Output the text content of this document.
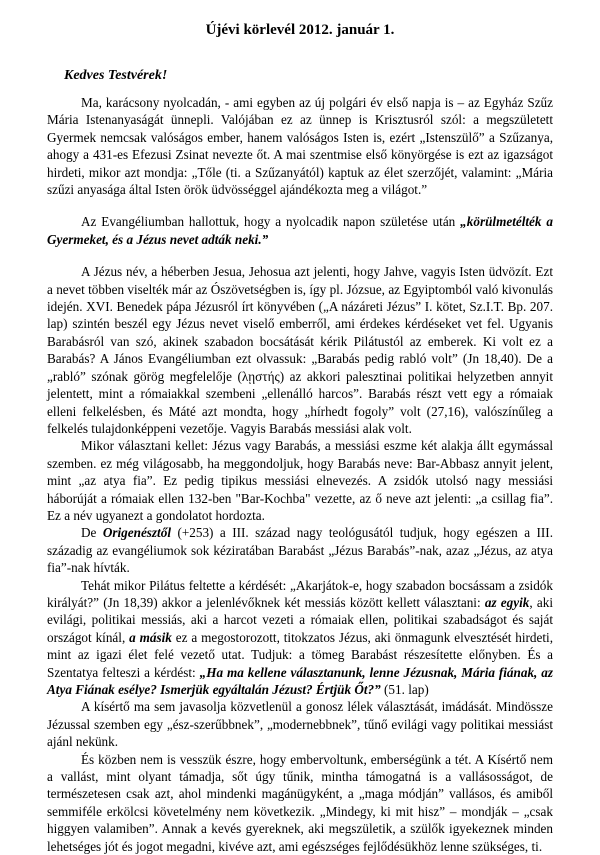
Újévi körlevél 2012. január 1.
Kedves Testvérek!

Ma, karácsony nyolcadán, - ami egyben az új polgári év első napja is – az Egyház Szűz Mária Istenanyaságát ünnepli. Valójában ez az ünnep is Krisztusról szól: a megszületett Gyermek nemcsak valóságos ember, hanem valóságos Isten is, ezért „Istenszülő” a Szűzanya, ahogy a 431-es Efezusi Zsinat nevezte őt. A mai szentmise első könyörgése is ezt az igazságot hirdeti, mikor azt mondja: „Tőle (ti. a Szűzanyától) kaptuk az élet szerzőjét, valamint: „Mária szűzi anyasága által Isten örök üdvösséggel ajándékozta meg a világot.”

Az Evangéliumban hallottuk, hogy a nyolcadik napon születése után „körülmetélték a Gyermeket, és a Jézus nevet adták neki.”

A Jézus név, a héberben Jesua, Jehosua azt jelenti, hogy Jahve, vagyis Isten üdvözít. Ezt a nevet többen viselték már az Ószövetségben is, így pl. Józsue, az Egyiptomból való kivonulás idején. XVI. Benedek pápa Jézusról írt könyvében („A názáreti Jézus” I. kötet, Sz.I.T. Bp. 207. lap) szintén beszél egy Jézus nevet viselő emberről, ami érdekes kérdéseket vet fel. Ugyanis Barabásról van szó, akinek szabadon bocsátását kérik Pilátustól az emberek. Ki volt ez a Barabás? A János Evangéliumban ezt olvassuk: „Barabás pedig rabló volt” (Jn 18,40). De a „rabló” szónak görög megfelelője (λῃστής) az akkori palesztinai politikai helyzetben annyit jelentett, mint a rómaiakkal szembeni „ellenálló harcos”. Barabás részt vett egy a rómaiak elleni felkelésben, és Máté azt mondta, hogy „hírhedt fogoly” volt (27,16), valószínűleg a felkelés tulajdonképpeni vezetője. Vagyis Barabás messiási alak volt.

Mikor választani kellet: Jézus vagy Barabás, a messiási eszme két alakja állt egymással szemben. ez még világosabb, ha meggondoljuk, hogy Barabás neve: Bar-Abbasz annyit jelent, mint „az atya fia”. Ez pedig tipikus messiási elnevezés. A zsidók utolsó nagy messiási háborúját a rómaiak ellen 132-ben "Bar-Kochba" vezette, az ő neve azt jelenti: „a csillag fia”. Ez a név ugyanezt a gondolatot hordozta.

De Origenésztől (+253) a III. század nagy teológusától tudjuk, hogy egészen a III. századig az evangéliumok sok kéziratában Barabást „Jézus Barabás”-nak, azaz „Jézus, az atya fia”-nak hívták.

Tehát mikor Pilátus feltette a kérdését: „Akarjátok-e, hogy szabadon bocsássam a zsidók királyát?” (Jn 18,39) akkor a jelenlévőknek két messiás között kellett választani: az egyik, aki evilági, politikai messiás, aki a harcot vezeti a rómaiak ellen, politikai szabadságot és saját országot kínál, a másik ez a megostorozott, titokzatos Jézus, aki önmagunk elvesztését hirdeti, mint az igazi élet felé vezető utat. Tudjuk: a tömeg Barabást részesítette előnyben. És a Szentatya felteszi a kérdést: „Ha ma kellene választanunk, lenne Jézusnak, Mária fiának, az Atya Fiának esélye? Ismerjük egyáltalán Jézust? Értjük Őt?” (51. lap)

A kísértő ma sem javasolja közvetlenül a gonosz lélek választását, imádását. Mindössze Jézussal szemben egy „ész-szerűbbnek”, „modernebbnek”, tűnő evilági vagy politikai messiást ajánl nekünk.

És közben nem is vesszük észre, hogy embervoltunk, emberségünk a tét. A Kísértő nem a vallást, mint olyant támadja, sőt úgy tűnik, mintha támogatná is a vallásosságot, de természetesen csak azt, ahol mindenki magánügyként, a „maga módján” vallásos, és amiből semmiféle erkölcsi követelmény nem következik. „Mindegy, ki mit hisz” – mondják – „csak higgyen valamiben”. Annak a kevés gyereknek, aki megszületik, a szülők igyekeznek minden lehetséges jót és jogot megadni, kivéve azt, ami egészséges fejlődésükhöz lenne szükséges, ti.
